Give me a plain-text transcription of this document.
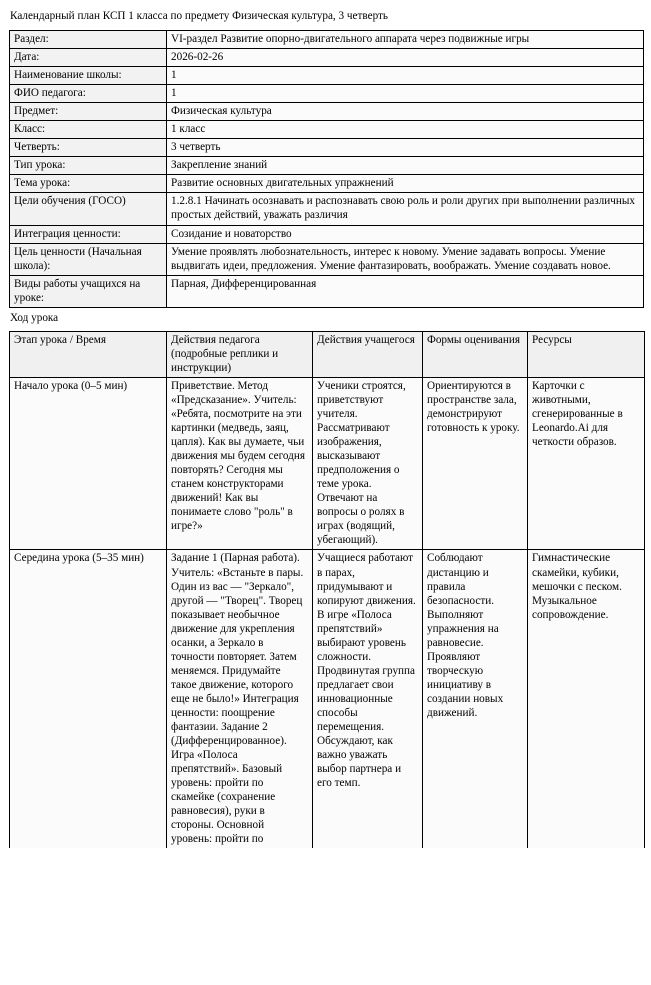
Календарный план КСП 1 класса по предмету Физическая культура, 3 четверть
Раздел:	VI-раздел Развитие опорно-двигательного аппарата через подвижные игры
Дата:	2026-02-26
Наименование школы:	1
ФИО педагога:	1
Предмет:	Физическая культура
Класс:	1 класс
Четверть:	3 четверть
Тип урока:	Закрепление знаний
Тема урока:	Развитие основных двигательных упражнений
Цели обучения (ГОСО)	1.2.8.1 Начинать осознавать и распознавать свою роль и роли других при выполнении различных простых действий, уважать различия
Интеграция ценности:	Созидание и новаторство
Цель ценности (Начальная школа):	Умение проявлять любознательность, интерес к новому. Умение задавать вопросы. Умение выдвигать идеи, предложения. Умение фантазировать, воображать. Умение создавать новое.
Виды работы учащихся на уроке:	Парная, Дифференцированная
Ход урока
Этап урока / Время	Действия педагога (подробные реплики и инструкции)	Действия учащегося	Формы оценивания	Ресурсы
Начало урока (0–5 мин)	Приветствие. Метод «Предсказание». Учитель: «Ребята, посмотрите на эти картинки (медведь, заяц, цапля). Как вы думаете, чьи движения мы будем сегодня повторять? Сегодня мы станем конструкторами движений! Как вы понимаете слово "роль" в игре?»	Ученики строятся, приветствуют учителя. Рассматривают изображения, высказывают предположения о теме урока. Отвечают на вопросы о ролях в играх (водящий, убегающий).	Ориентируются в пространстве зала, демонстрируют готовность к уроку.	Карточки с животными, сгенерированные в Leonardo.Ai для четкости образов.
Середина урока (5–35 мин)	Задание 1 (Парная работа). Учитель: «Встаньте в пары. Один из вас — "Зеркало", другой — "Творец". Творец показывает необычное движение для укрепления осанки, а Зеркало в точности повторяет. Затем меняемся. Придумайте такое движение, которого еще не было!» Интеграция ценности: поощрение фантазии. Задание 2 (Дифференцированное). Игра «Полоса препятствий». Базовый уровень: пройти по скамейке (сохранение равновесия), руки в стороны. Основной уровень: пройти по	Учащиеся работают в парах, придумывают и копируют движения. В игре «Полоса препятствий» выбирают уровень сложности. Продвинутая группа предлагает свои инновационные способы перемещения. Обсуждают, как важно уважать выбор партнера и его темп.	Соблюдают дистанцию и правила безопасности. Выполняют упражнения на равновесие. Проявляют творческую инициативу в создании новых движений.	Гимнастические скамейки, кубики, мешочки с песком. Музыкальное сопровождение.
